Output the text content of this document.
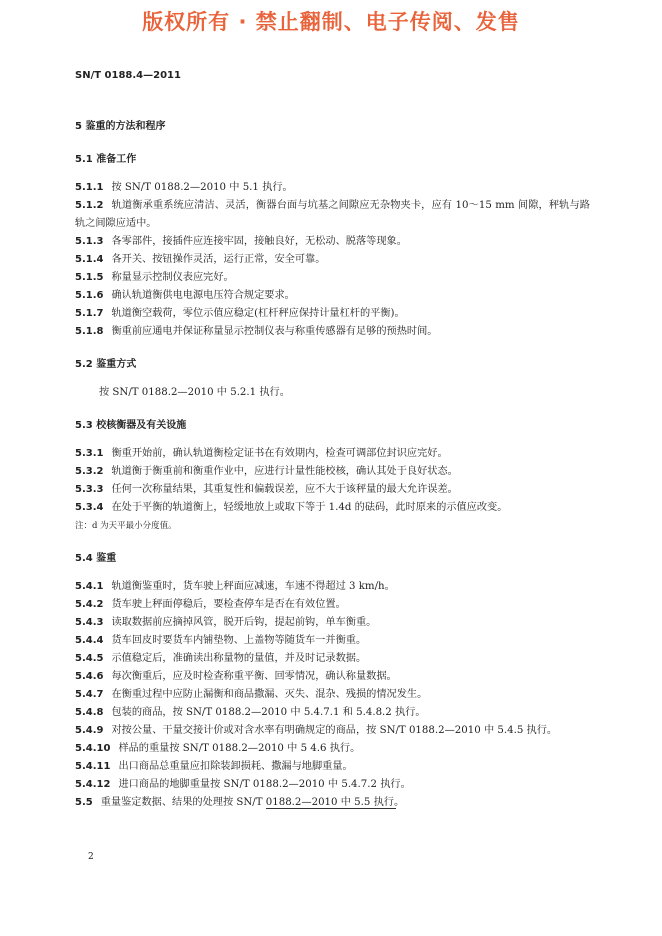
版权所有 · 禁止翻制、电子传阅、发售
SN/T 0188.4—2011
5 鉴重的方法和程序
5.1 准备工作
5.1.1 按 SN/T 0188.2—2010 中 5.1 执行。
5.1.2 轨道衡承重系统应清洁、灵活，衡器台面与坑基之间隙应无杂物夹卡，应有 10～15 mm 间隙，秤轨与路轨之间隙应适中。
5.1.3 各零部件，接插件应连接牢固，接触良好，无松动、脱落等现象。
5.1.4 各开关、按钮操作灵活，运行正常，安全可靠。
5.1.5 称量显示控制仪表应完好。
5.1.6 确认轨道衡供电电源电压符合规定要求。
5.1.7 轨道衡空载荷，零位示值应稳定(杠杆秤应保持计量杠杆的平衡)。
5.1.8 衡重前应通电并保证称量显示控制仪表与称重传感器有足够的预热时间。
5.2 鉴重方式
按 SN/T 0188.2—2010 中 5.2.1 执行。
5.3 校核衡器及有关设施
5.3.1 衡重开始前，确认轨道衡检定证书在有效期内，检查可调部位封识应完好。
5.3.2 轨道衡于衡重前和衡重作业中，应进行计量性能校核，确认其处于良好状态。
5.3.3 任何一次称量结果，其重复性和偏载误差，应不大于该秤量的最大允许误差。
5.3.4 在处于平衡的轨道衡上，轻缓地放上或取下等于 1.4d 的砝码，此时原来的示值应改变。
注：d 为天平最小分度值。
5.4 鉴重
5.4.1 轨道衡鉴重时，货车驶上秤面应减速，车速不得超过 3 km/h。
5.4.2 货车驶上秤面停稳后，要检查停车是否在有效位置。
5.4.3 读取数据前应摘掉风管，脱开后钩，提起前钩，单车衡重。
5.4.4 货车回皮时要货车内铺垫物、上盖物等随货车一并衡重。
5.4.5 示值稳定后，准确读出称量物的量值，并及时记录数据。
5.4.6 每次衡重后，应及时检查称重平衡、回零情况，确认称量数据。
5.4.7 在衡重过程中应防止漏衡和商品撒漏、灭失、混杂、残损的情况发生。
5.4.8 包装的商品，按 SN/T 0188.2—2010 中 5.4.7.1 和 5.4.8.2 执行。
5.4.9 对按公量、干量交接计价或对含水率有明确规定的商品，按 SN/T 0188.2—2010 中 5.4.5 执行。
5.4.10 样品的重量按 SN/T 0188.2—2010 中 5 4.6 执行。
5.4.11 出口商品总重量应扣除装卸损耗、撒漏与地脚重量。
5.4.12 进口商品的地脚重量按 SN/T 0188.2—2010 中 5.4.7.2 执行。
5.5 重量鉴定数据、结果的处理按 SN/T 0188.2—2010 中 5.5 执行。
2
